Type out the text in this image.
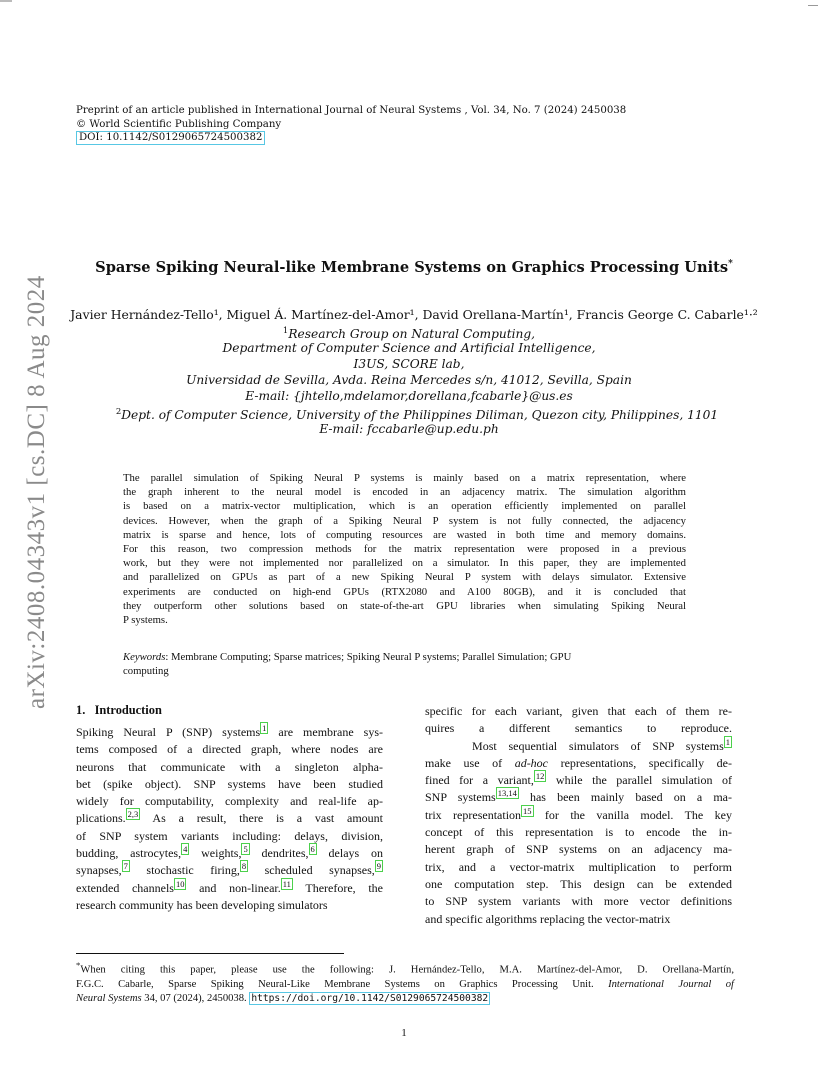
arXiv:2408.04343v1 [cs.DC] 8 Aug 2024
Preprint of an article published in International Journal of Neural Systems , Vol. 34, No. 7 (2024) 2450038
© World Scientific Publishing Company
DOI: 10.1142/S0129065724500382
Sparse Spiking Neural-like Membrane Systems on Graphics Processing Units*
Javier Hernández-Tello¹, Miguel Á. Martínez-del-Amor¹, David Orellana-Martín¹, Francis George C. Cabarle¹·²
$^1$Research Group on Natural Computing,
Department of Computer Science and Artificial Intelligence,
I3US, SCORE lab,
Universidad de Sevilla, Avda. Reina Mercedes s/n, 41012, Sevilla, Spain
E-mail: {jhtello,mdelamor,dorellana,fcabarle}@us.es
$^2$Dept. of Computer Science, University of the Philippines Diliman, Quezon city, Philippines, 1101
E-mail: fccabarle@up.edu.ph
The parallel simulation of Spiking Neural P systems is mainly based on a matrix representation, where
the graph inherent to the neural model is encoded in an adjacency matrix. The simulation algorithm
is based on a matrix-vector multiplication, which is an operation efficiently implemented on parallel
devices. However, when the graph of a Spiking Neural P system is not fully connected, the adjacency
matrix is sparse and hence, lots of computing resources are wasted in both time and memory domains.
For this reason, two compression methods for the matrix representation were proposed in a previous
work, but they were not implemented nor parallelized on a simulator. In this paper, they are implemented
and parallelized on GPUs as part of a new Spiking Neural P system with delays simulator. Extensive
experiments are conducted on high-end GPUs (RTX2080 and A100 80GB), and it is concluded that
they outperform other solutions based on state-of-the-art GPU libraries when simulating Spiking Neural
P systems.
Keywords: Membrane Computing; Sparse matrices; Spiking Neural P systems; Parallel Simulation; GPU
computing
1. Introduction
Spiking Neural P (SNP) systems $^1$ are membrane sys-
tems composed of a directed graph, where nodes are
neurons that communicate with a singleton alpha-
bet (spike object). SNP systems have been studied
widely for computability, complexity and real-life ap-
plications. $^{2,3}$ As a result, there is a vast amount
of SNP system variants including: delays, division,
budding, astrocytes, $^4$ weights, $^5$ dendrites, $^6$ delays on
synapses, $^7$ stochastic firing, $^8$ scheduled synapses, $^9$
extended channels $^{10}$ and non-linear. $^{11}$ Therefore, the
research community has been developing simulators
specific for each variant, given that each of them re-
quires a different semantics to reproduce.
Most sequential simulators of SNP systems $^1$
make use of ad-hoc representations, specifically de-
fined for a variant, $^{12}$ while the parallel simulation of
SNP systems $^{13,14}$ has been mainly based on a ma-
trix representation $^{15}$ for the vanilla model. The key
concept of this representation is to encode the in-
herent graph of SNP systems on an adjacency ma-
trix, and a vector-matrix multiplication to perform
one computation step. This design can be extended
to SNP system variants with more vector definitions
and specific algorithms replacing the vector-matrix
*When citing this paper, please use the following: J. Hernández-Tello, M.A. Martínez-del-Amor, D. Orellana-Martín,
F.G.C. Cabarle, Sparse Spiking Neural-Like Membrane Systems on Graphics Processing Unit. International Journal of
Neural Systems 34, 07 (2024), 2450038. https://doi.org/10.1142/S0129065724500382
1
